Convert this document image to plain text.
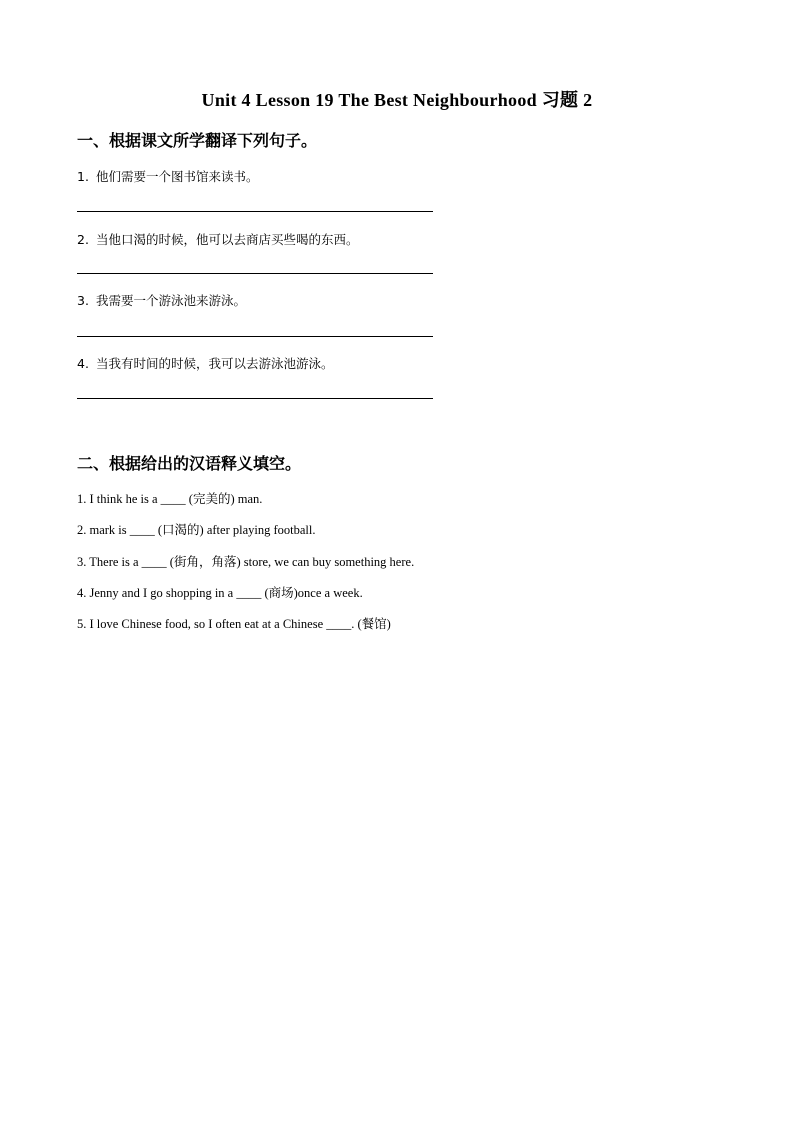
Unit 4 Lesson 19 The Best Neighbourhood 习题 2
一、根据课文所学翻译下列句子。
1. 他们需要一个图书馆来读书。
2. 当他口渴的时候，他可以去商店买些喝的东西。
3. 我需要一个游泳池来游泳。
4. 当我有时间的时候，我可以去游泳池游泳。
二、根据给出的汉语释义填空。
1. I think he is a ____ (完美的) man.
2. mark is ____ (口渴的) after playing football.
3. There is a ____ (街角，角落) store, we can buy something here.
4. Jenny and I go shopping in a ____ (商场)once a week.
5. I love Chinese food, so I often eat at a Chinese ____. (餐馆)
